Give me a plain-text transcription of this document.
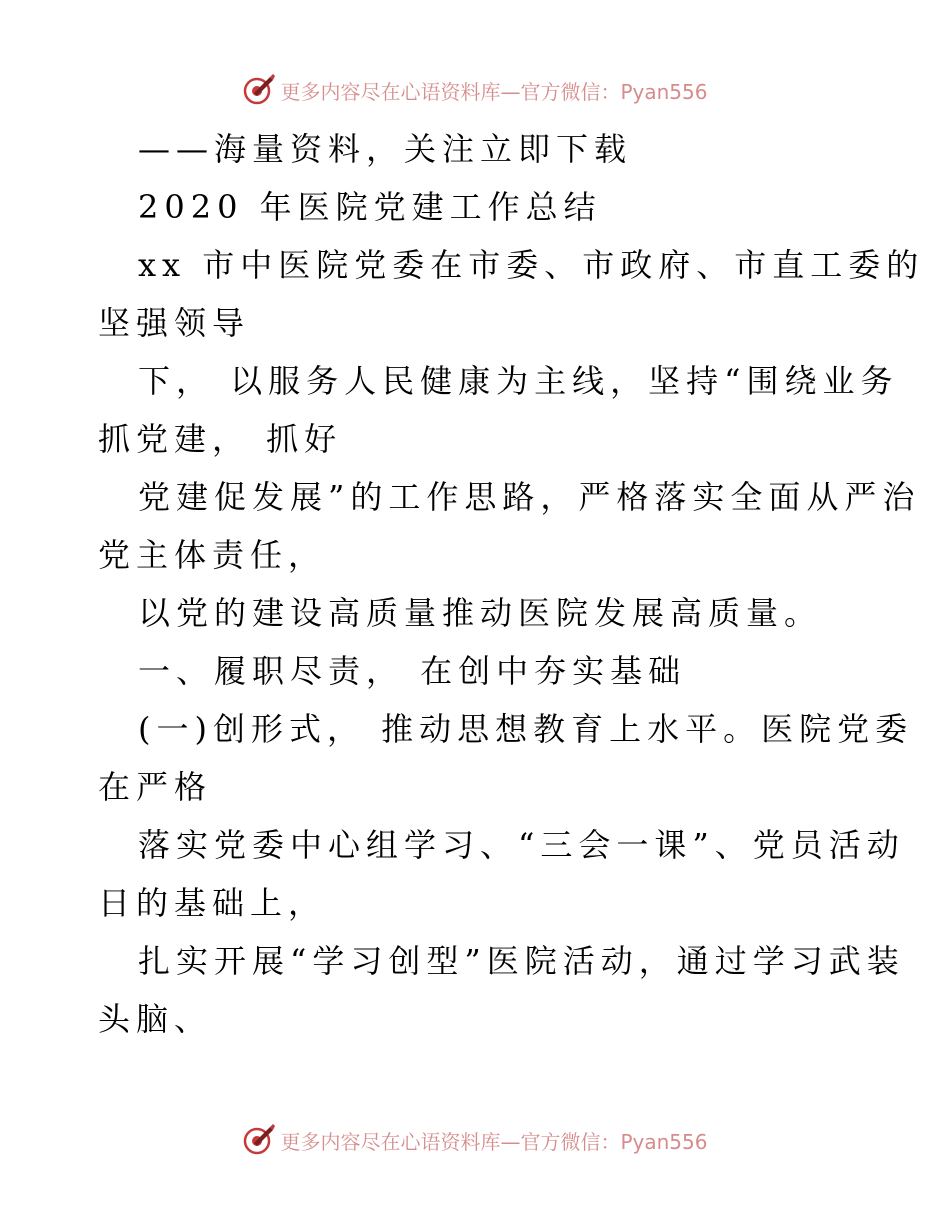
更多内容尽在心语资料库—官方微信：Pyan556
——海量资料，关注立即下载
2020 年医院党建工作总结
xx 市中医院党委在市委、市政府、市直工委的
坚强领导
下， 以服务人民健康为主线，坚持“围绕业务
抓党建， 抓好
党建促发展”的工作思路，严格落实全面从严治
党主体责任，
以党的建设高质量推动医院发展高质量。
一、履职尽责， 在创中夯实基础
(一)创形式， 推动思想教育上水平。医院党委
在严格
落实党委中心组学习、“三会一课”、党员活动
日的基础上，
扎实开展“学习创型”医院活动，通过学习武装
头脑、
更多内容尽在心语资料库—官方微信：Pyan556
